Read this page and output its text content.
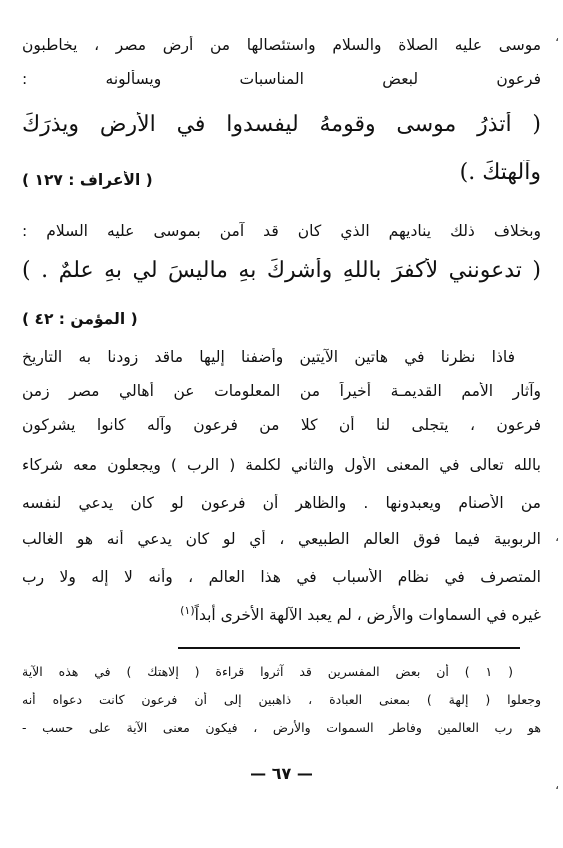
موسى عليه الصلاة والسلام واستئصالها من أرض مصر ، يخاطبون
فرعون لبعض المناسبات ويسألونه :
( أتذرُ موسى وقومهُ ليفسدوا في الأرضِ ويذرَكَ
وآلهتكَ .)
( الأعراف : ١٢٧ )
وبخلاف ذلك يناديهم الذي كان قد آمن بموسى عليه السلام :
( تدعونني لأكفرَ باللهِ وأشركَ بهِ ماليسَ لي بهِ علمٌ . )
( المؤمن : ٤٢ )
فاذا نظرنا في هاتين الآيتين وأضفنا إليها ماقد زودنا به التاريخ
وآثار الأمم القديمـة أخيراً من المعلومات عن أهالي مصر زمن
فرعون ، يتجلى لنا أن كلا من فرعون وآله كانوا يشركون
بالله تعالى في المعنى الأول والثاني لكلمة ( الرب ) ويجعلون معه شركاء
من الأصنام ويعبدونها . والظاهر أن فرعون لو كان يدعي لنفسه
الربوبية فيما فوق العالم الطبيعي ، أي لو كان يدعي أنه هو الغالب
المتصرف في نظام الأسباب في هذا العالم ، وأنه لا إله ولا رب
غيره في السماوات والأرض ، لم يعبد الآلهة الأخرى أبداً$^{(١)}$
( ١ ) أن بعض المفسرين قد آثروا قراءة ( إلاهتك ) في هذه الآية
وجعلوا ( إلهة ) بمعنى العبادة ، ذاهبين إلى أن فرعون كانت دعواه أنه
هو رب العالمين وفاطر السموات والأرض ، فيكون معنى الآية على حسب -
— ٦٧ —
،
،
،
